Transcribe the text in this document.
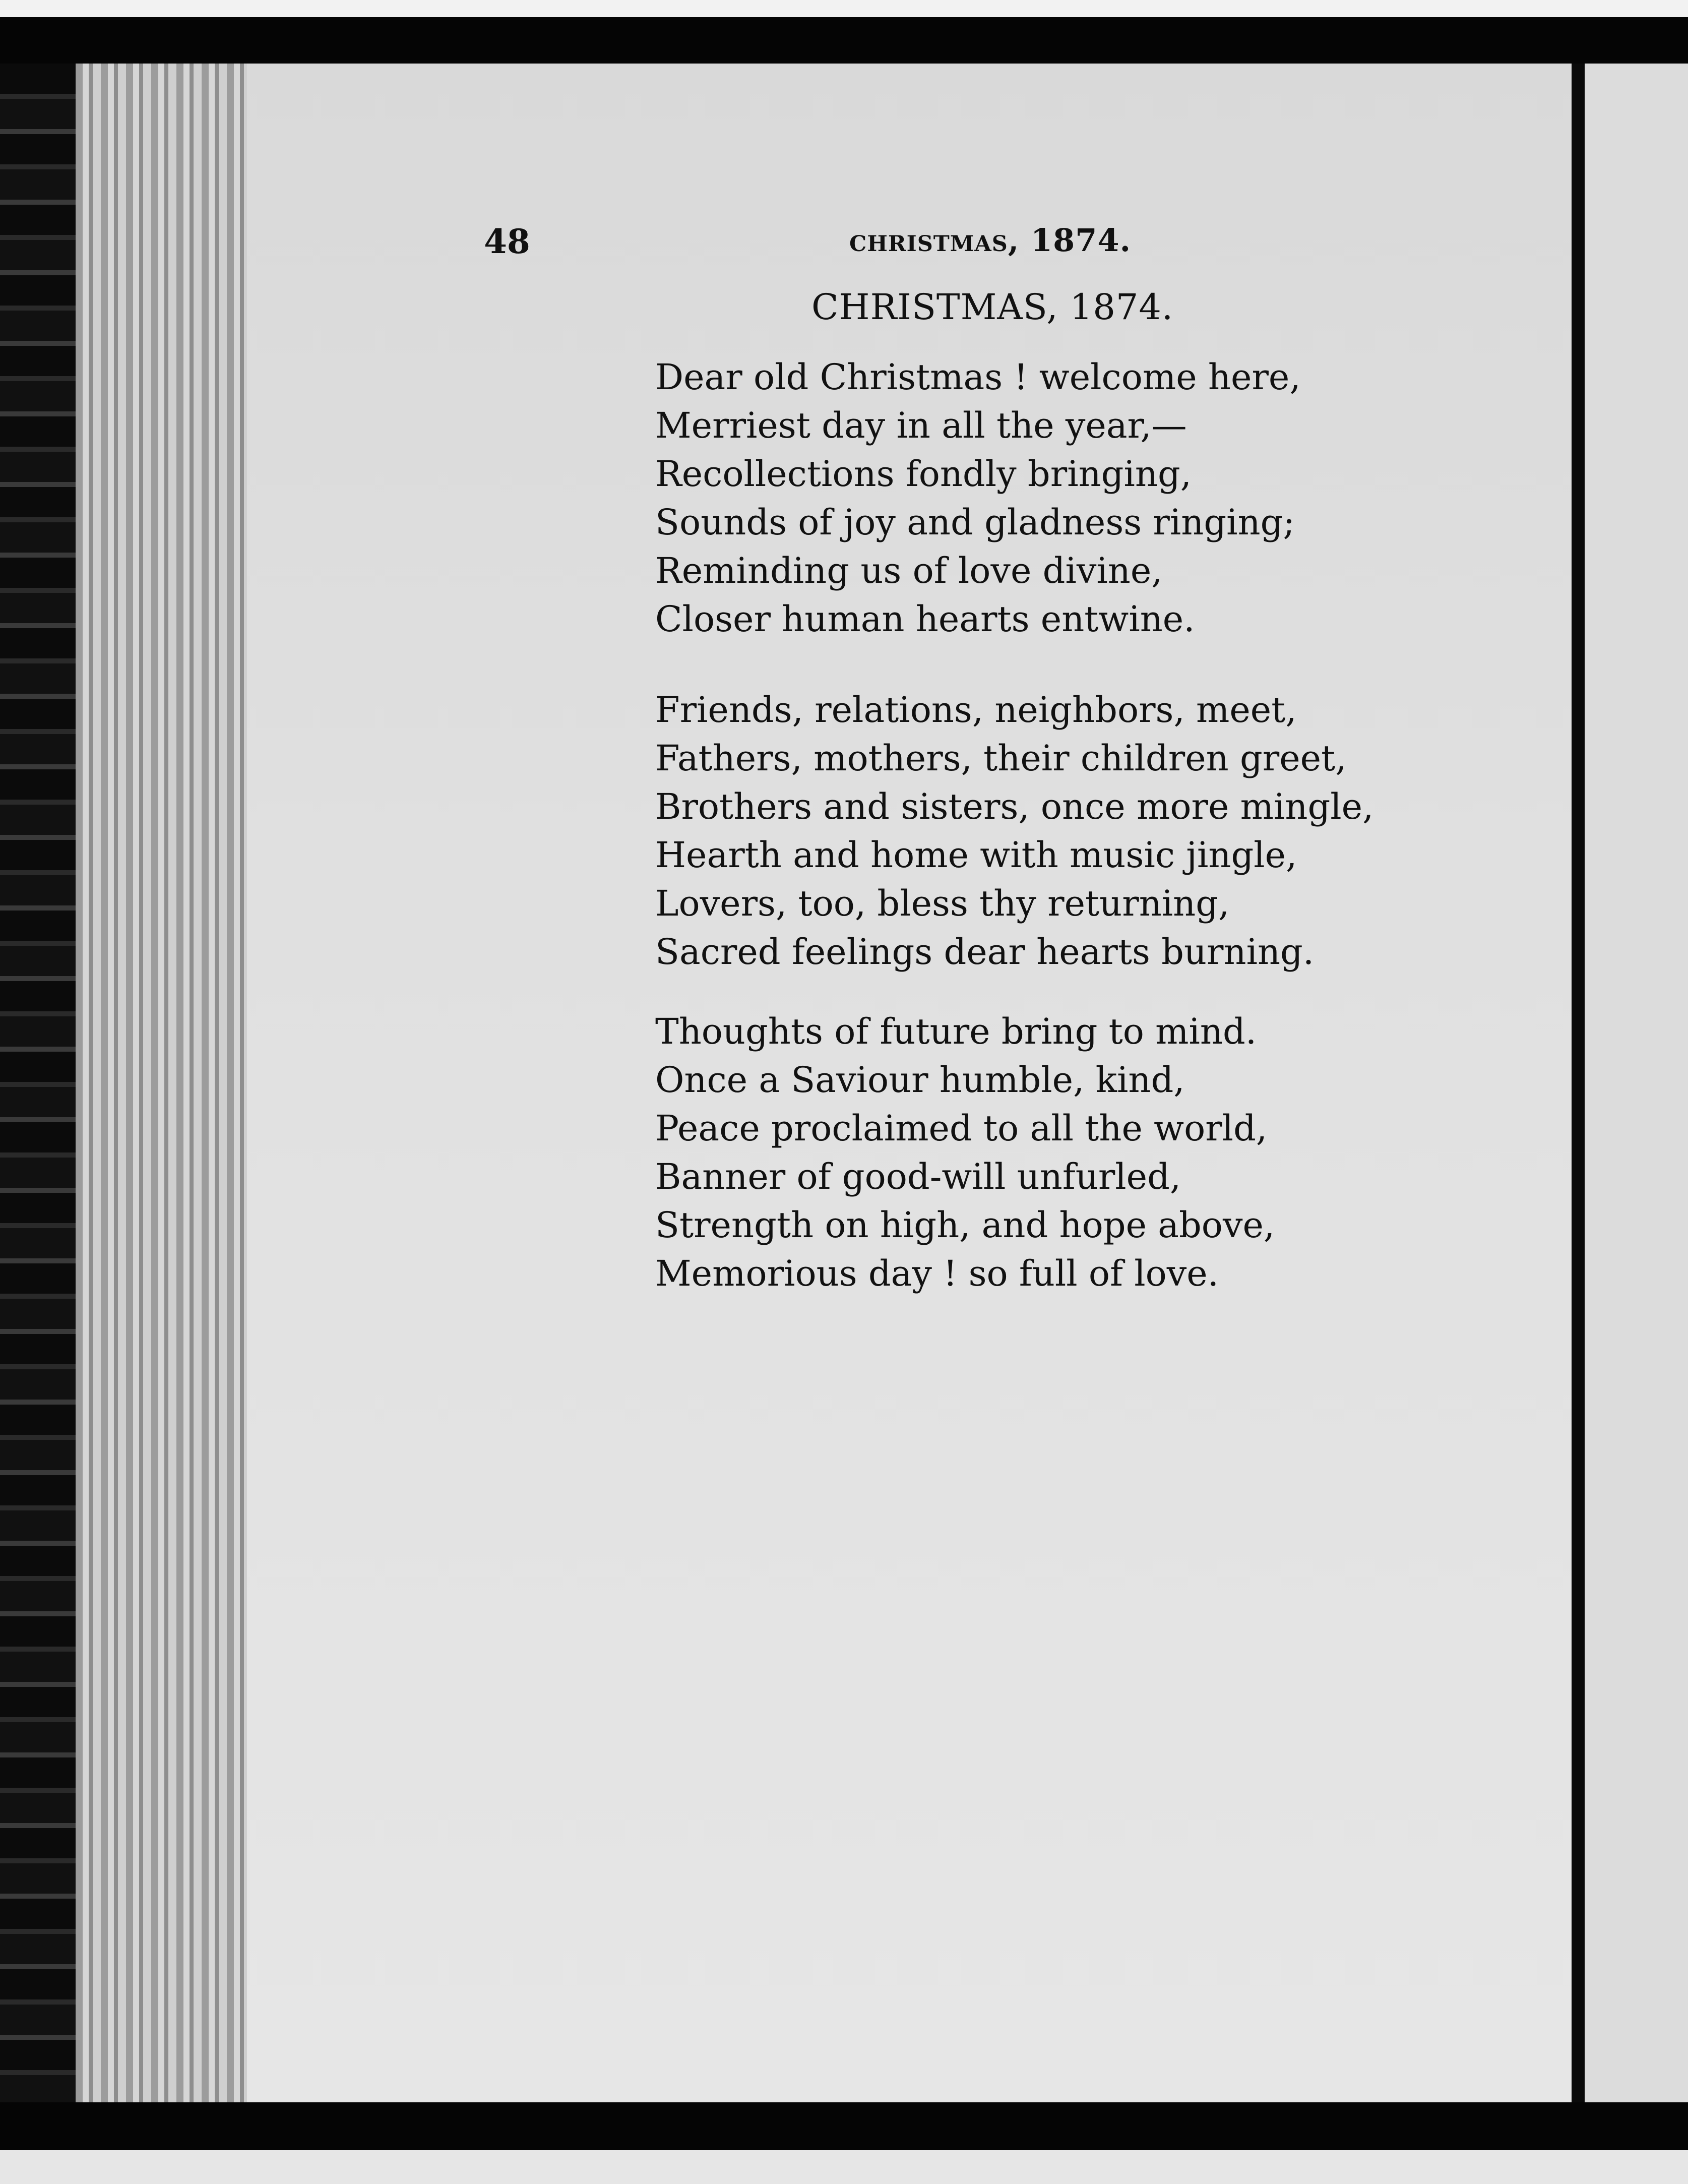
48	christmas, 1874.
CHRISTMAS, 1874.
Dear old Christmas ! welcome here,
Merriest day in all the year,—
Recollections fondly bringing,
Sounds of joy and gladness ringing;
Reminding us of love divine,
Closer human hearts entwine.
Friends, relations, neighbors, meet,
Fathers, mothers, their children greet,
Brothers and sisters, once more mingle,
Hearth and home with music jingle,
Lovers, too, bless thy returning,
Sacred feelings dear hearts burning.
Thoughts of future bring to mind.
Once a Saviour humble, kind,
Peace proclaimed to all the world,
Banner of good-will unfurled,
Strength on high, and hope above,
Memorious day ! so full of love.
